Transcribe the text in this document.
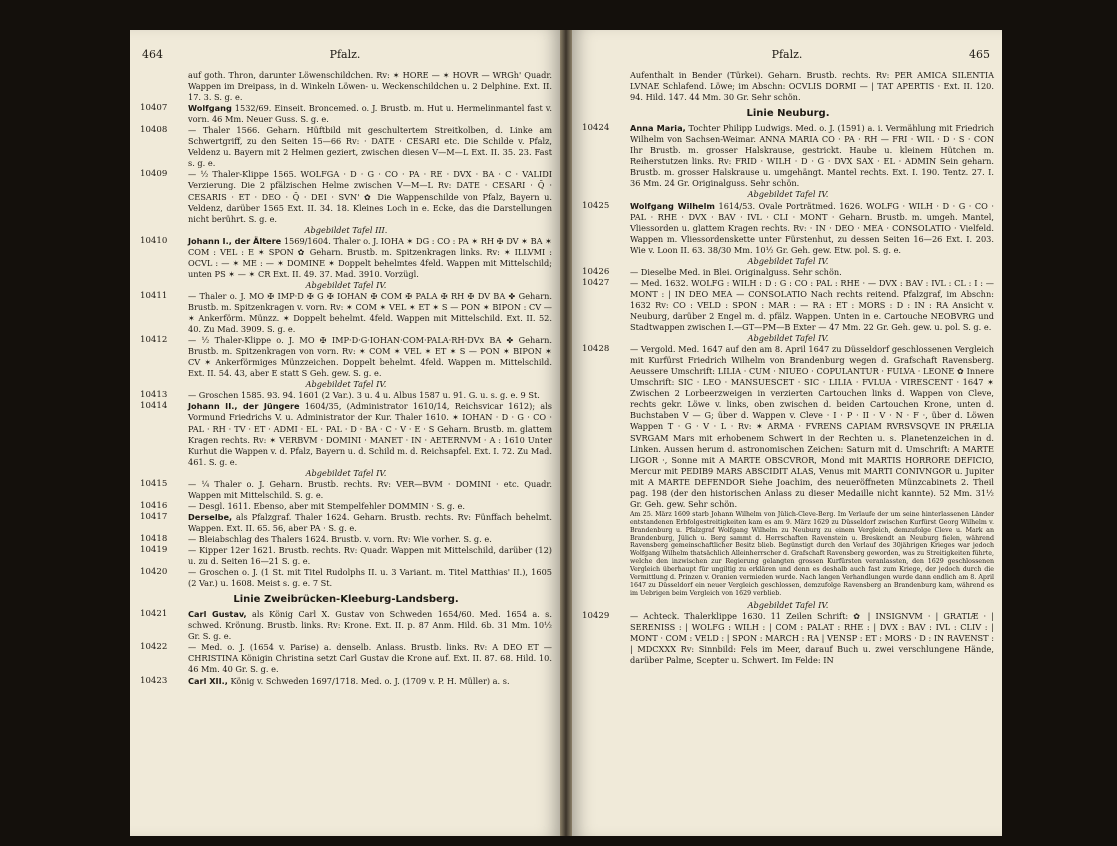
464	Pfalz.

auf goth. Thron, darunter Löwenschildchen. Rv: ✶ HORE — ✶ HOVR — WRGh' Quadr. Wappen im Dreipass, in d. Winkeln Löwen- u. Weckenschildchen u. 2 Delphine. Ext. II. 17. 3. S. g. e.

10407	Wolfgang 1532/69. Einseit. Broncemed. o. J. Brustb. m. Hut u. Hermelinmantel fast v. vorn. 46 Mm. Neuer Guss. S. g. e.

10408	— Thaler 1566. Geharn. Hüftbild mit geschultertem Streitkolben, d. Linke am Schwertgriff, zu den Seiten 15—66 Rv: · DATE · CESARI etc. Die Schilde v. Pfalz, Veldenz u. Bayern mit 2 Helmen geziert, zwischen diesen V—M—L Ext. II. 35. 23. Fast s. g. e.

10409	— ½ Thaler-Klippe 1565. WOLFGA · D · G · CO · PA · RE · DVX · BA · C · VALIDI Verzierung. Die 2 pfälzischen Helme zwischen V—M—L Rv: DATE · CESARI · Q̄ · CESARIS · ET · DEO · Q̄ · DEI · SVN' ✿ Die Wappenschilde von Pfalz, Bayern u. Veldenz, darüber 1565 Ext. II. 34. 18. Kleines Loch in e. Ecke, das die Darstellungen nicht berührt. S. g. e.

Abgebildet Tafel III.

10410	Johann I., der Ältere 1569/1604. Thaler o. J. IOHA ✶ DG : CO : PA ✶ RH ✠ DV ✶ BA ✶ COM : VEL : E ✶ SPON ✿ Geharn. Brustb. m. Spitzenkragen links. Rv: ✶ ILLVMI : OCVL : — ✶ ME : — ✶ DOMINE ✶ Doppelt behelmtes 4feld. Wappen mit Mittelschild; unten PS ✶ — ✶ CR Ext. II. 49. 37. Mad. 3910. Vorzügl.

Abgebildet Tafel IV.

10411	— Thaler o. J. MO ✠ IMP·D ✠ G ✠ IOHAN ✠ COM ✠ PALA ✠ RH ✠ DV BA ✤ Geharn. Brustb. m. Spitzenkragen v. vorn. Rv: ✶ COM ✶ VEL ✶ ET ✶ S — PON ✶ BIPON : CV — ✶ Ankerförm. Münzz. ✶ Doppelt behelmt. 4feld. Wappen mit Mittelschild. Ext. II. 52. 40. Zu Mad. 3909. S. g. e.

10412	— ½ Thaler-Klippe o. J. MO ✠ IMP·D·G·IOHAN·COM·PALA·RH·DVx BA ✤ Geharn. Brustb. m. Spitzenkragen von vorn. Rv: ✶ COM ✶ VEL ✶ ET ✶ S — PON ✶ BIPON ✶ CV ✶ Ankerförmiges Münzzeichen. Doppelt behelmt. 4feld. Wappen m. Mittelschild. Ext. II. 54. 43, aber E statt S Geh. gew. S. g. e.

Abgebildet Tafel IV.

10413	— Groschen 1585. 93. 94. 1601 (2 Var.). 3 u. 4 u. Albus 1587 u. 91. G. u. s. g. e. 9 St.

10414	Johann II., der Jüngere 1604/35, (Administrator 1610/14, Reichsvicar 1612); als Vormund Friedrichs V. u. Administrator der Kur. Thaler 1610. ✶ IOHAN · D · G · CO · PAL · RH · TV · ET · ADMI · EL · PAL · D · BA · C · V · E · S Geharn. Brustb. m. glattem Kragen rechts. Rv: ✶ VERBVM · DOMINI · MANET · IN · AETERNVM · A : 1610 Unter Kurhut die Wappen v. d. Pfalz, Bayern u. d. Schild m. d. Reichsapfel. Ext. I. 72. Zu Mad. 461. S. g. e.

Abgebildet Tafel IV.

10415	— ¼ Thaler o. J. Geharn. Brustb. rechts. Rv: VER—BVM · DOMINI · etc. Quadr. Wappen mit Mittelschild. S. g. e.

10416	— Desgl. 1611. Ebenso, aber mit Stempelfehler DOMMIN · S. g. e.

10417	Derselbe, als Pfalzgraf. Thaler 1624. Geharn. Brustb. rechts. Rv: Fünffach behelmt. Wappen. Ext. II. 65. 56, aber PA · S. g. e.

10418	— Bleiabschlag des Thalers 1624. Brustb. v. vorn. Rv: Wie vorher. S. g. e.

10419	— Kipper 12er 1621. Brustb. rechts. Rv: Quadr. Wappen mit Mittelschild, darüber (12) u. zu d. Seiten 16—21 S. g. e.

10420	— Groschen o. J. (1 St. mit Titel Rudolphs II. u. 3 Variant. m. Titel Matthias' II.), 1605 (2 Var.) u. 1608. Meist s. g. e. 7 St.

Linie Zweibrücken-Kleeburg-Landsberg.

10421	Carl Gustav, als König Carl X. Gustav von Schweden 1654/60. Med. 1654 a. s. schwed. Krönung. Brustb. links. Rv: Krone. Ext. II. p. 87 Anm. Hild. 6b. 31 Mm. 10½ Gr. S. g. e.

10422	— Med. o. J. (1654 v. Parise) a. denselb. Anlass. Brustb. links. Rv: A DEO ET — CHRISTINA Königin Christina setzt Carl Gustav die Krone auf. Ext. II. 87. 68. Hild. 10. 46 Mm. 40 Gr. S. g. e.

10423	Carl XII., König v. Schweden 1697/1718. Med. o. J. (1709 v. P. H. Müller) a. s.

Pfalz.	465

Aufenthalt in Bender (Türkei). Geharn. Brustb. rechts. Rv: PER AMICA SILENTIA LVNAE Schlafend. Löwe; im Abschn: OCVLIS DORMI — | TAT APERTIS · Ext. II. 120. 94. Hild. 147. 44 Mm. 30 Gr. Sehr schön.

Linie Neuburg.

10424	Anna Maria, Tochter Philipp Ludwigs. Med. o. J. (1591) a. i. Vermählung mit Friedrich Wilhelm von Sachsen-Weimar. ANNA MARIA CO · PA · RH — FRI · WIL · D · S · CON Ihr Brustb. m. grosser Halskrause, gestrickt. Haube u. kleinem Hütchen m. Reiherstutzen links. Rv: FRID · WILH · D · G · DVX SAX · EL · ADMIN Sein geharn. Brustb. m. grosser Halskrause u. umgehängt. Mantel rechts. Ext. I. 190. Tentz. 27. I. 36 Mm. 24 Gr. Originalguss. Sehr schön.

Abgebildet Tafel IV.

10425	Wolfgang Wilhelm 1614/53. Ovale Porträtmed. 1626. WOLFG · WILH · D · G · CO · PAL · RHE · DVX · BAV · IVL · CLI · MONT · Geharn. Brustb. m. umgeh. Mantel, Vliessorden u. glattem Kragen rechts. Rv: · IN · DEO · MEA · CONSOLATIO · Vielfeld. Wappen m. Vliessordenskette unter Fürstenhut, zu dessen Seiten 16—26 Ext. I. 203. Wie v. Loon II. 63. 38/30 Mm. 10½ Gr. Geh. gew. Etw. pol. S. g. e.

Abgebildet Tafel IV.

10426	— Dieselbe Med. in Blei. Originalguss. Sehr schön.

10427	— Med. 1632. WOLFG : WILH : D : G : CO : PAL : RHE · — DVX : BAV : IVL : CL : I : — MONT : | IN DEO MEA — CONSOLATIO Nach rechts reitend. Pfalzgraf, im Abschn: 1632 Rv: CO : VELD : SPON : MAR : — RA : ET : MORS : D : IN : RA Ansicht v. Neuburg, darüber 2 Engel m. d. pfälz. Wappen. Unten in e. Cartouche NEOBVRG und Stadtwappen zwischen I.—GT—PM—B Exter — 47 Mm. 22 Gr. Geh. gew. u. pol. S. g. e.

Abgebildet Tafel IV.

10428	— Vergold. Med. 1647 auf den am 8. April 1647 zu Düsseldorf geschlossenen Vergleich mit Kurfürst Friedrich Wilhelm von Brandenburg wegen d. Grafschaft Ravensberg. Aeussere Umschrift: LILIA · CUM · NIUEO · COPULANTUR · FULVA · LEONE ✿ Innere Umschrift: SIC · LEO · MANSUESCET · SIC · LILIA · FVLUA · VIRESCENT · 1647 ✶ Zwischen 2 Lorbeerzweigen in verzierten Cartouchen links d. Wappen von Cleve, rechts gekr. Löwe v. links, oben zwischen d. beiden Cartouchen Krone, unten d. Buchstaben V — G; über d. Wappen v. Cleve · I · P · II · V · N · F ·, über d. Löwen Wappen T · G · V · L · Rv: ✶ ARMA · FVRENS CAPIAM RVRSVSQVE IN PRÆLIA SVRGAM Mars mit erhobenem Schwert in der Rechten u. s. Planetenzeichen in d. Linken. Aussen herum d. astronomischen Zeichen: Saturn mit d. Umschrift: A MARTE LIGOR ·, Sonne mit A MARTE OBSCVROR, Mond mit MARTIS HORRORE DEFICIO, Mercur mit PEDIB9 MARS ABSCIDIT ALAS, Venus mit MARTI CONIVNGOR u. Jupiter mit A MARTE DEFENDOR Siehe Joachim, des neueröffneten Münzcabinets 2. Theil pag. 198 (der den historischen Anlass zu dieser Medaille nicht kannte). 52 Mm. 31½ Gr. Geh. gew. Sehr schön.

Am 25. März 1609 starb Johann Wilhelm von Jülich-Cleve-Berg. Im Verlaufe der um seine hinterlassenen Länder entstandenen Erbfolgestreitigkeiten kam es am 9. März 1629 zu Düsseldorf zwischen Kurfürst Georg Wilhelm v. Brandenburg u. Pfalzgraf Wolfgang Wilhelm zu Neuburg zu einem Vergleich, demzufolge Cleve u. Mark an Brandenburg, Jülich u. Berg sammt d. Herrschaften Ravenstein u. Breskendt an Neuburg fielen, während Ravensberg gemeinschaftlicher Besitz blieb. Begünstigt durch den Verlauf des 30jährigen Krieges war jedoch Wolfgang Wilhelm thatsächlich Alleinherrscher d. Grafschaft Ravensberg geworden, was zu Streitigkeiten führte, welche den inzwischen zur Regierung gelangten grossen Kurfürsten veranlassten, den 1629 geschlossenen Vergleich überhaupt für ungiltig zu erklären und denn es deshalb auch fast zum Kriege, der jedoch durch die Vermittlung d. Prinzen v. Oranien vermieden wurde. Nach langen Verhandlungen wurde dann endlich am 8. April 1647 zu Düsseldorf ein neuer Vergleich geschlossen, demzufolge Ravensberg an Brandenburg kam, während es im Uebrigen beim Vergleich von 1629 verblieb.
Abgebildet Tafel IV.

10429	— Achteck. Thalerklippe 1630. 11 Zeilen Schrift: ✿ | INSIGNVM · | GRATIÆ · | SERENISS : | WOLFG : WILH : | COM : PALAT : RHE : | DVX : BAV : IVL : CLIV : | MONT · COM : VELD : | SPON : MARCH : RA | VENSP : ET : MORS · D : IN RAVENST : | MDCXXX Rv: Sinnbild: Fels im Meer, darauf Buch u. zwei verschlungene Hände, darüber Palme, Scepter u. Schwert. Im Felde: IN
